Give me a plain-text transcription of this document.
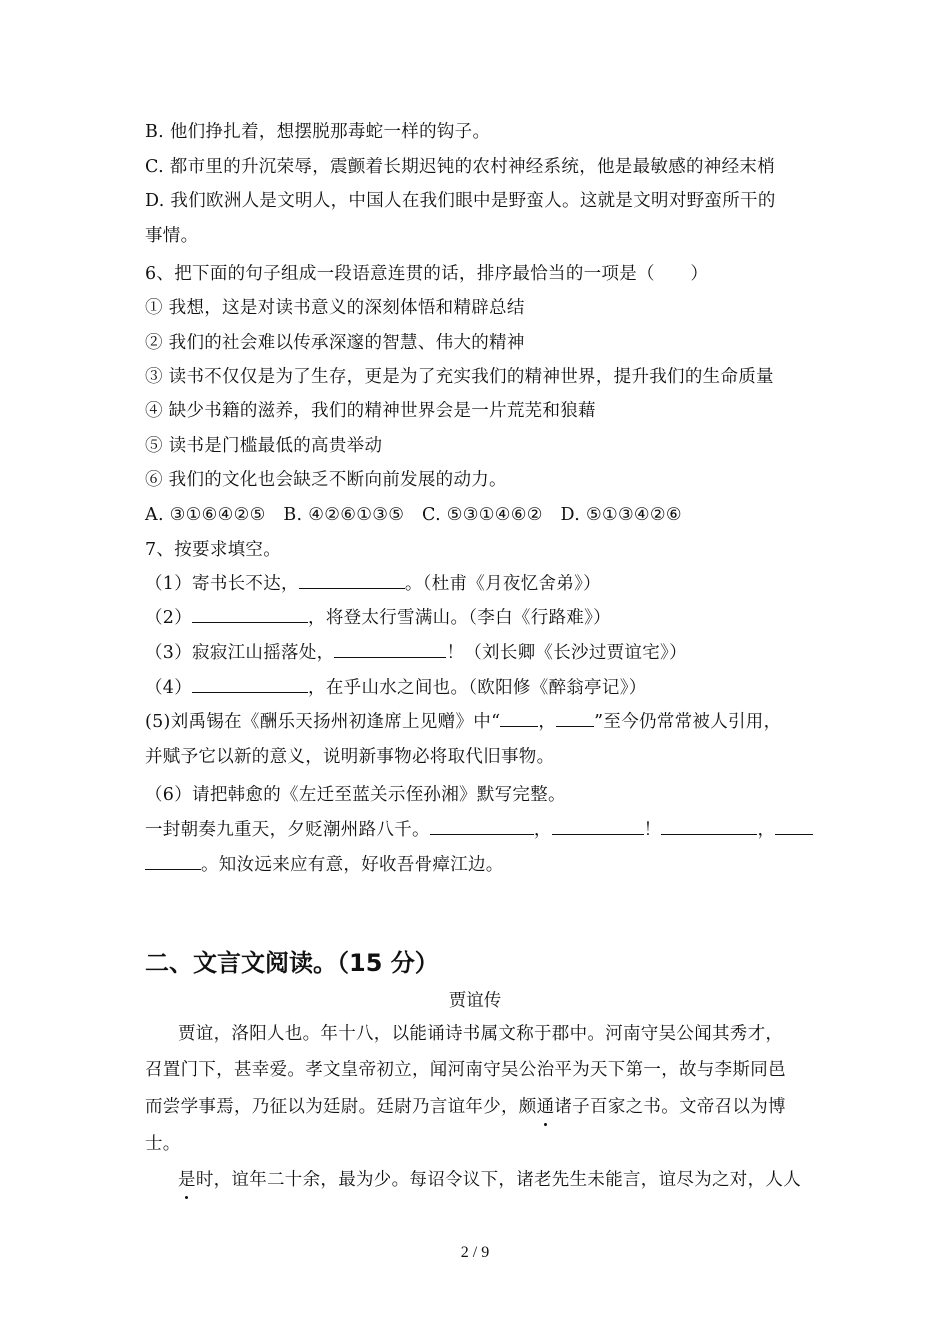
B. 他们挣扎着，想摆脱那毒蛇一样的钩子。
C. 都市里的升沉荣辱，震颤着长期迟钝的农村神经系统，他是最敏感的神经末梢
D. 我们欧洲人是文明人，中国人在我们眼中是野蛮人。这就是文明对野蛮所干的
事情。
6、把下面的句子组成一段语意连贯的话，排序最恰当的一项是（　　）
① 我想，这是对读书意义的深刻体悟和精辟总结
② 我们的社会难以传承深邃的智慧、伟大的精神
③ 读书不仅仅是为了生存，更是为了充实我们的精神世界，提升我们的生命质量
④ 缺少书籍的滋养，我们的精神世界会是一片荒芜和狼藉
⑤ 读书是门槛最低的高贵举动
⑥ 我们的文化也会缺乏不断向前发展的动力。
A. ③①⑥④②⑤　B. ④②⑥①③⑤　C. ⑤③①④⑥②　D. ⑤①③④②⑥
7、按要求填空。
（1）寄书长不达，	。（杜甫《月夜忆舍弟》）
（2）	，将登太行雪满山。（李白《行路难》）
（3）寂寂江山摇落处，	！（刘长卿《长沙过贾谊宅》）
（4）	，在乎山水之间也。（欧阳修《醉翁亭记》）
(5)刘禹锡在《酬乐天扬州初逢席上见赠》中“ ， ”至今仍常常被人引用，
并赋予它以新的意义，说明新事物必将取代旧事物。
（6）请把韩愈的《左迁至蓝关示侄孙湘》默写完整。
一封朝奏九重天，夕贬潮州路八千。	，	！	，
。知汝远来应有意，好收吾骨瘴江边。
二、文言文阅读。（15 分）
贾谊传
贾谊，洛阳人也。年十八，以能诵诗书属文称于郡中。河南守吴公闻其秀才，
召置门下，甚幸爱。孝文皇帝初立，闻河南守吴公治平为天下第一，故与李斯同邑
而尝学事焉，乃征以为廷尉。廷尉乃言谊年少，颇通诸子百家之书。文帝召以为博
士。
是时，谊年二十余，最为少。每诏令议下，诸老先生未能言，谊尽为之对，人人
2 / 9
